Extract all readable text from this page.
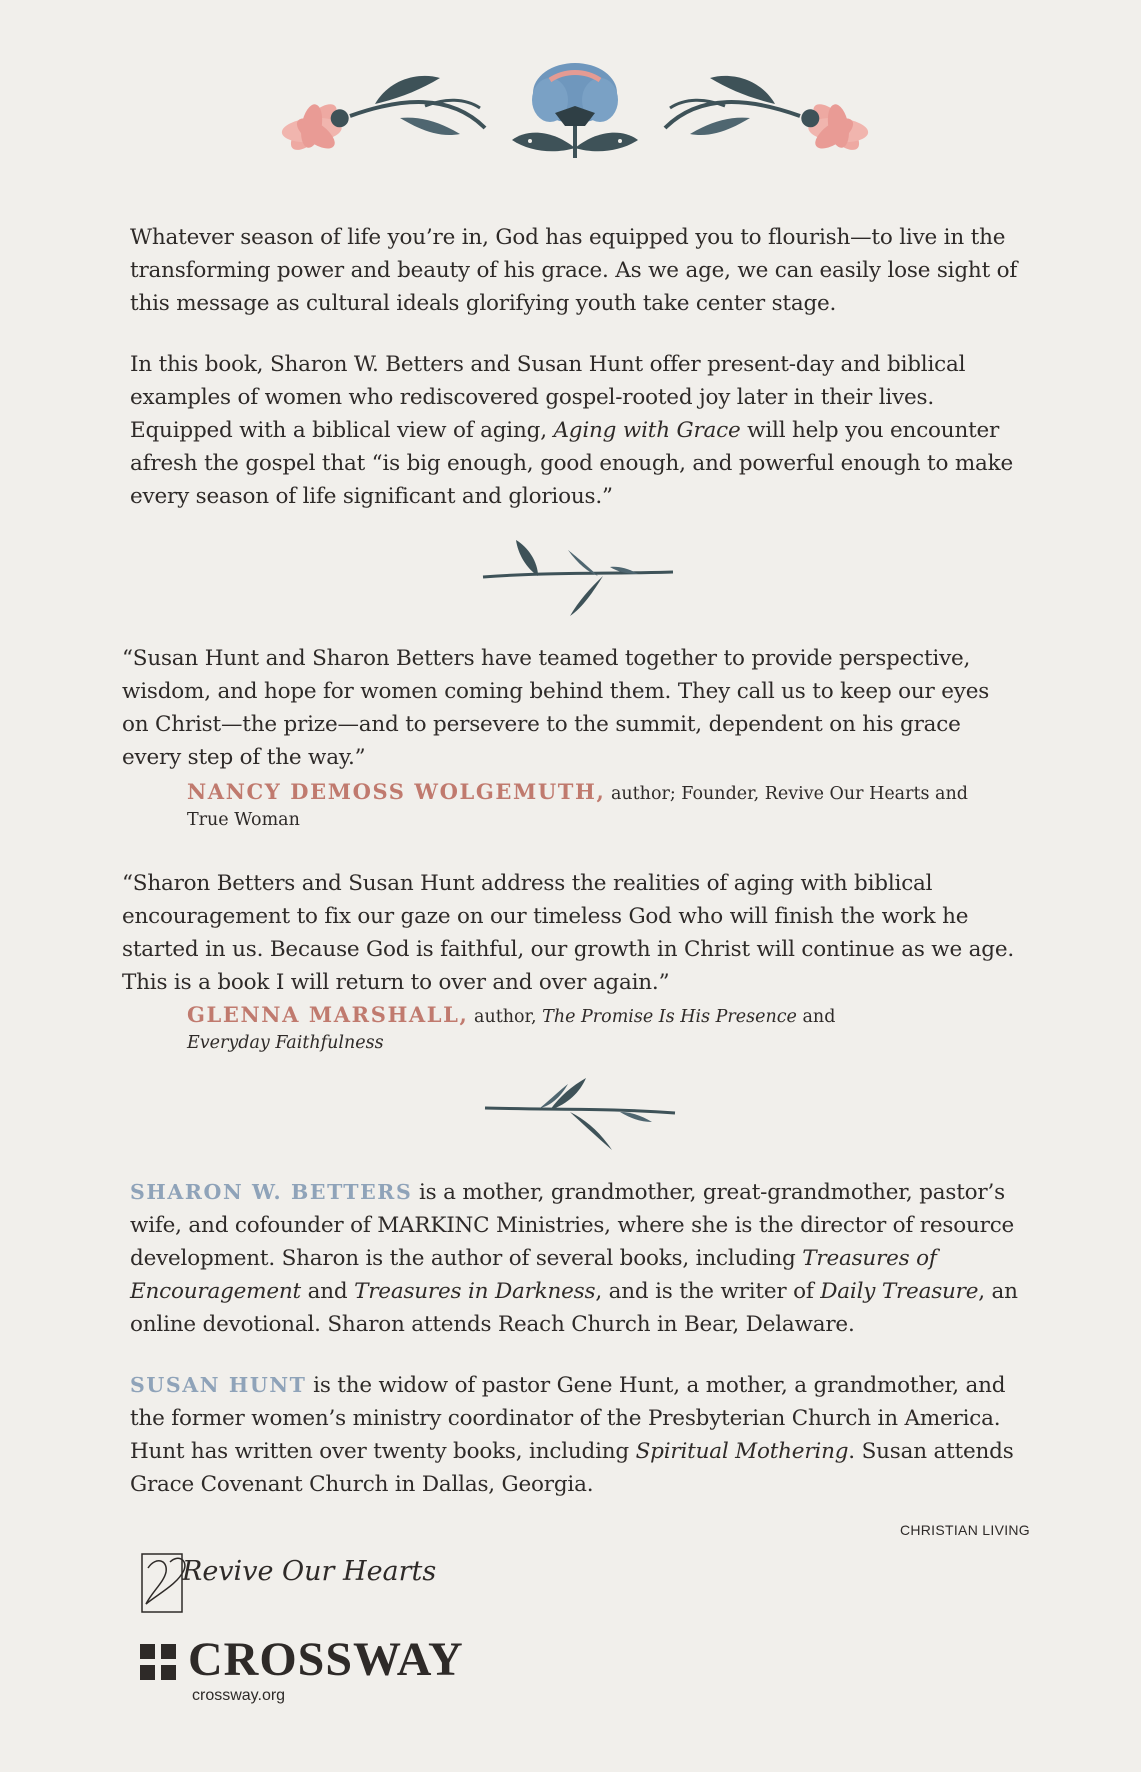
Whatever season of life you’re in, God has equipped you to flourish—to live in the transforming power and beauty of his grace. As we age, we can easily lose sight of this message as cultural ideals glorifying youth take center stage.

In this book, Sharon W. Betters and Susan Hunt offer present-day and biblical examples of women who rediscovered gospel-rooted joy later in their lives. Equipped with a biblical view of aging, Aging with Grace will help you encounter afresh the gospel that “is big enough, good enough, and powerful enough to make every season of life significant and glorious.”

“Susan Hunt and Sharon Betters have teamed together to provide perspective, wisdom, and hope for women coming behind them. They call us to keep our eyes on Christ—the prize—and to persevere to the summit, dependent on his grace every step of the way.”

NANCY DEMOSS WOLGEMUTH, author; Founder, Revive Our Hearts and True Woman

“Sharon Betters and Susan Hunt address the realities of aging with biblical encouragement to fix our gaze on our timeless God who will finish the work he started in us. Because God is faithful, our growth in Christ will continue as we age. This is a book I will return to over and over again.”

GLENNA MARSHALL, author, The Promise Is His Presence and
Everyday Faithfulness

SHARON W. BETTERS is a mother, grandmother, great-grandmother, pastor’s wife, and cofounder of MARKINC Ministries, where she is the director of resource development. Sharon is the author of several books, including Treasures of Encouragement and Treasures in Darkness, and is the writer of Daily Treasure, an online devotional. Sharon attends Reach Church in Bear, Delaware.

SUSAN HUNT is the widow of pastor Gene Hunt, a mother, a grandmother, and the former women’s ministry coordinator of the Presbyterian Church in America. Hunt has written over twenty books, including Spiritual Mothering. Susan attends Grace Covenant Church in Dallas, Georgia.

CHRISTIAN LIVING
Revive Our Hearts
CROSSWAY
crossway.org
